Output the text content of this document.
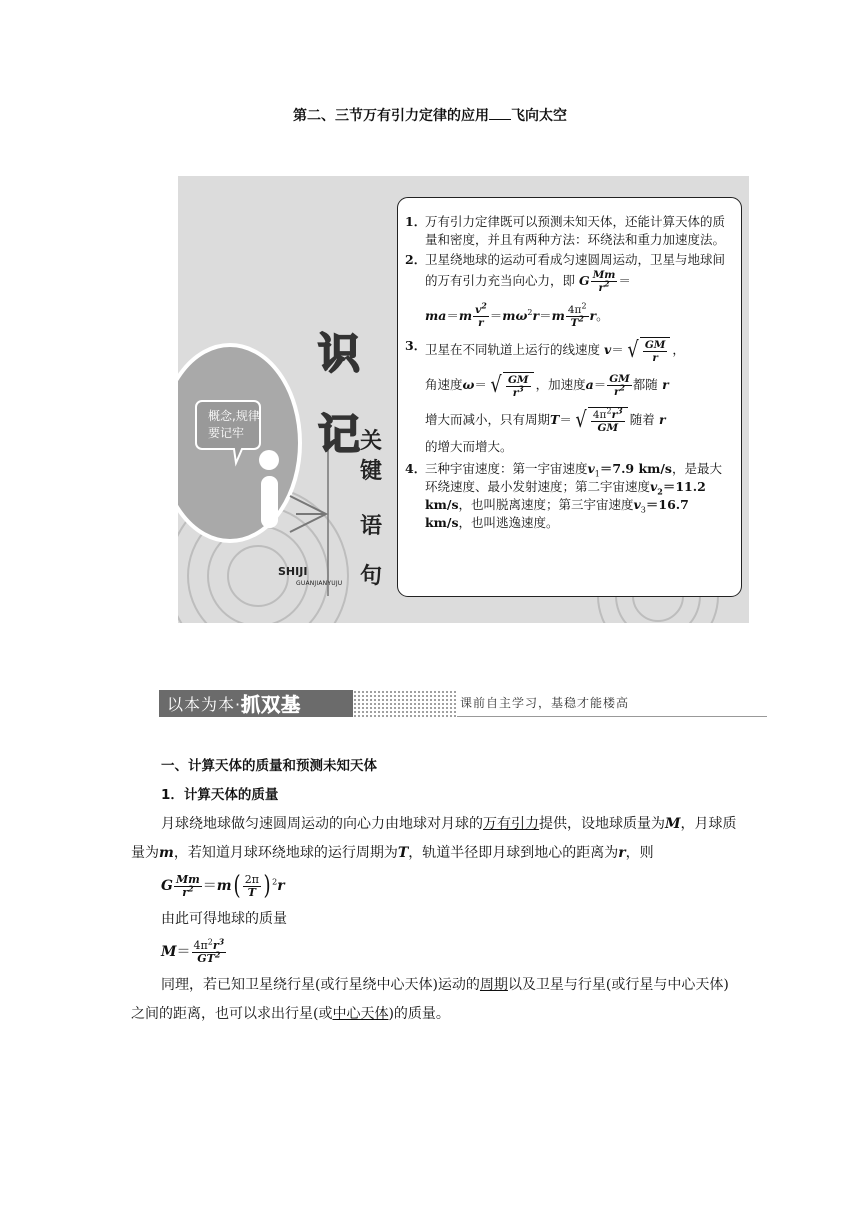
第二、三节万有引力定律的应用 飞向太空
概念,规律
要记牢
识
记 关
键
语
句
SHIJI
GUANJIANYUJU
1．
万有引力定律既可以预测未知天体，还能计算天体的质量和密度，并且有两种方法：环绕法和重力加速度法。
2．
卫星绕地球的运动可看成匀速圆周运动，卫星与地球间的万有引力充当向心力，即 G $\frac{Mm}{r^2}$ ＝
$ma=m \frac{v^2}{r} =m\omega^2r=m \frac{4\pi^2}{T^2}$ r。
3．
卫星在不同轨道上运行的线速度 v＝ √ $\frac{GM}{r}$ ，
角速度ω＝ √ $\frac{GM}{r^3}$ ，加速度$a= \frac{GM}{r^2}$ 都随 r
增大而减小，只有周期T＝ √ $\frac{4\pi^2r^3}{GM}$ 随着 r
的增大而增大。
4．
三种宇宙速度：第一宇宙速度$v_1=7.9$ km/s，是最大环绕速度、最小发射速度；第二宇宙速度$v_2=11.2$ km/s，也叫脱离速度；第三宇宙速度$v_3=16.7$ km/s，也叫逃逸速度。
以本为本· 抓双基	课前自主学习，基稳才能楼高
一、计算天体的质量和预测未知天体
1．计算天体的质量
月球绕地球做匀速圆周运动的向心力由地球对月球的万有引力提供，设地球质量为M，月球质量为m，若知道月球环绕地球的运行周期为T，轨道半径即月球到地心的距离为r，则
G $\frac{Mm}{r^2} =m$ ( $\frac{2\pi}{T}$ ) $^2$r
由此可得地球的质量
$M= \frac{4\pi^2r^3}{GT^2}$
同理，若已知卫星绕行星(或行星绕中心天体)运动的周期以及卫星与行星(或行星与中心天体)之间的距离，也可以求出行星(或中心天体)的质量。
